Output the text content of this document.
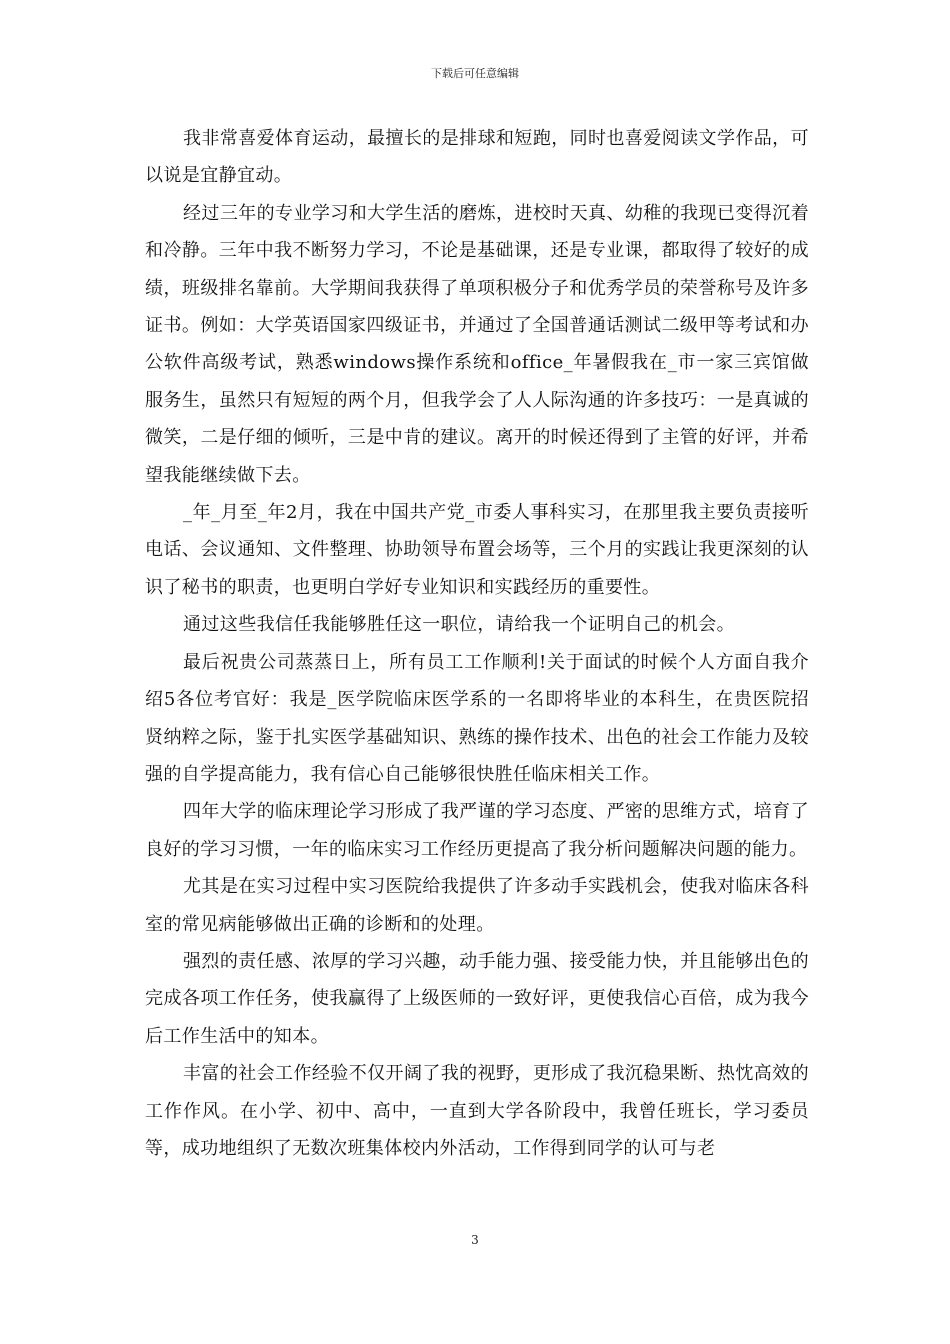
下载后可任意编辑

我非常喜爱体育运动，最擅长的是排球和短跑，同时也喜爱阅读文学作品，可以说是宜静宜动。

经过三年的专业学习和大学生活的磨炼，进校时天真、幼稚的我现已变得沉着和冷静。三年中我不断努力学习，不论是基础课，还是专业课，都取得了较好的成绩，班级排名靠前。大学期间我获得了单项积极分子和优秀学员的荣誉称号及许多证书。例如：大学英语国家四级证书，并通过了全国普通话测试二级甲等考试和办公软件高级考试，熟悉windows操作系统和office_年暑假我在_市一家三宾馆做服务生，虽然只有短短的两个月，但我学会了人人际沟通的许多技巧：一是真诚的微笑，二是仔细的倾听，三是中肯的建议。离开的时候还得到了主管的好评，并希望我能继续做下去。

_年_月至_年2月，我在中国共产党_市委人事科实习，在那里我主要负责接听电话、会议通知、文件整理、协助领导布置会场等，三个月的实践让我更深刻的认识了秘书的职责，也更明白学好专业知识和实践经历的重要性。

通过这些我信任我能够胜任这一职位，请给我一个证明自己的机会。

最后祝贵公司蒸蒸日上，所有员工工作顺利!关于面试的时候个人方面自我介绍5各位考官好：我是_医学院临床医学系的一名即将毕业的本科生，在贵医院招贤纳粹之际，鉴于扎实医学基础知识、熟练的操作技术、出色的社会工作能力及较强的自学提高能力，我有信心自己能够很快胜任临床相关工作。

四年大学的临床理论学习形成了我严谨的学习态度、严密的思维方式，培育了良好的学习习惯，一年的临床实习工作经历更提高了我分析问题解决问题的能力。

尤其是在实习过程中实习医院给我提供了许多动手实践机会，使我对临床各科室的常见病能够做出正确的诊断和的处理。

强烈的责任感、浓厚的学习兴趣，动手能力强、接受能力快，并且能够出色的完成各项工作任务，使我赢得了上级医师的一致好评，更使我信心百倍，成为我今后工作生活中的知本。

丰富的社会工作经验不仅开阔了我的视野，更形成了我沉稳果断、热忱高效的工作作风。在小学、初中、高中，一直到大学各阶段中，我曾任班长，学习委员等，成功地组织了无数次班集体校内外活动，工作得到同学的认可与老

3
